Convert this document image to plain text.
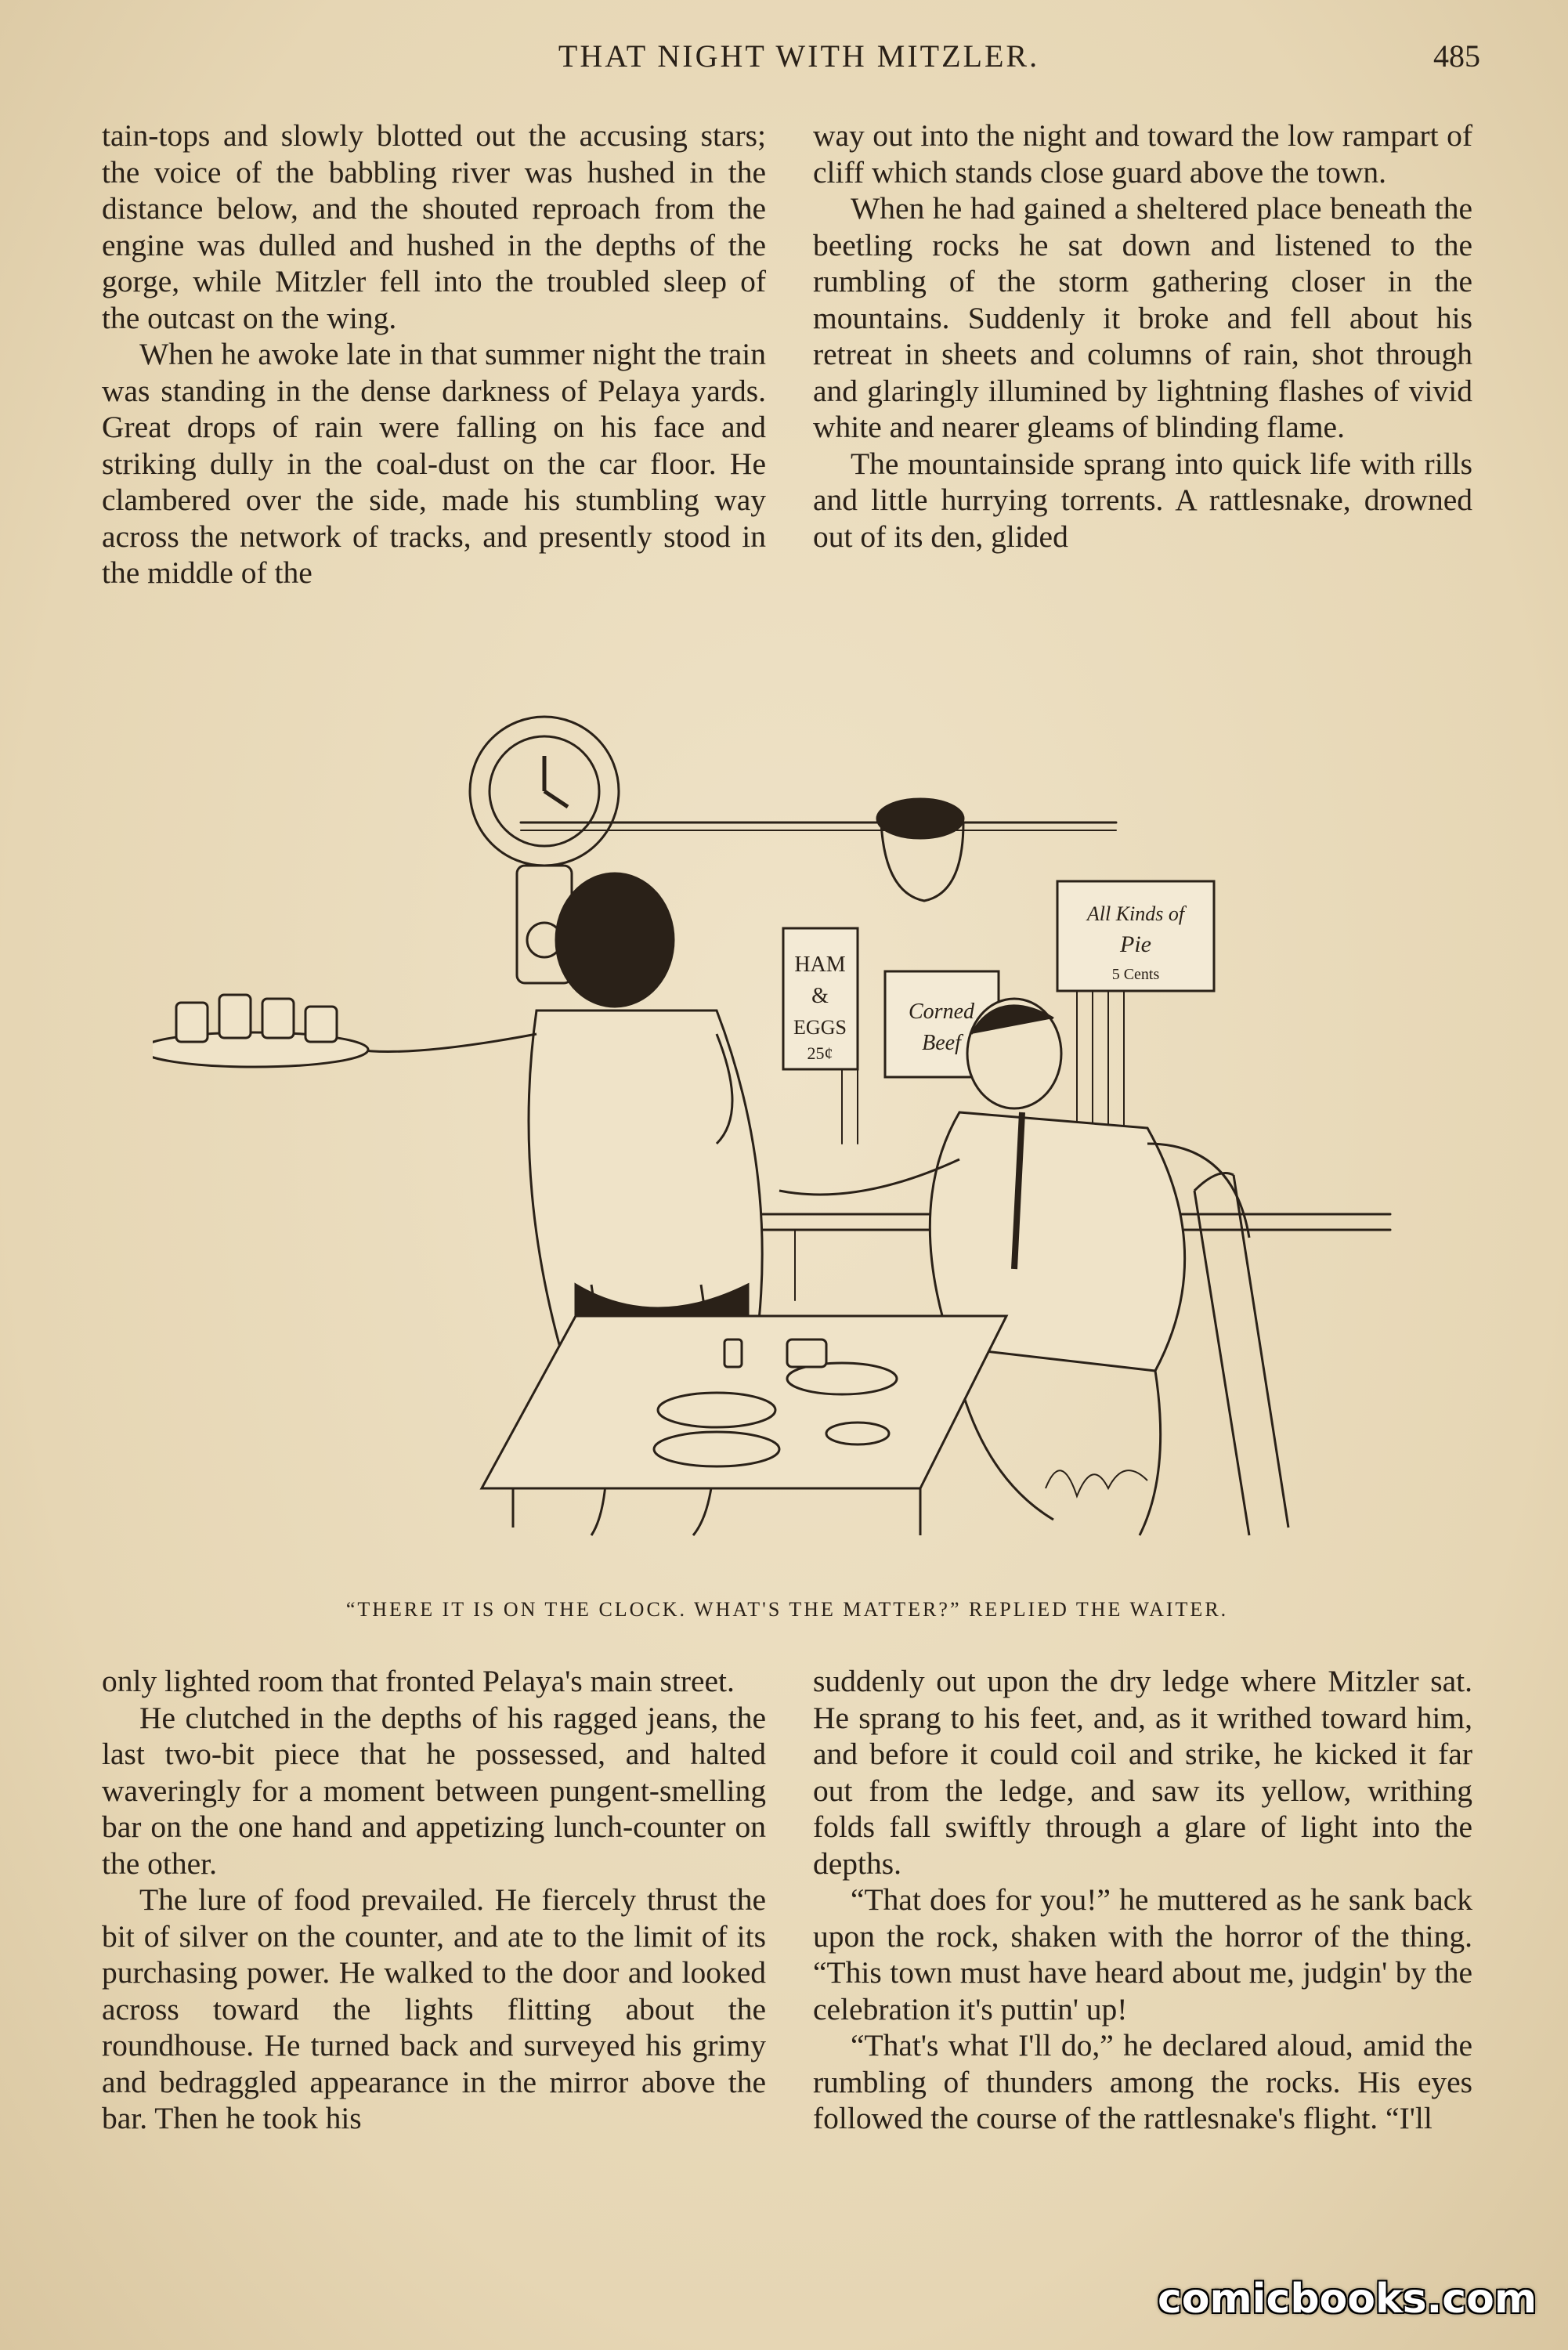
THAT NIGHT WITH MITZLER.	485

tain-tops and slowly blotted out the accusing stars; the voice of the babbling river was hushed in the distance below, and the shouted reproach from the engine was dulled and hushed in the depths of the gorge, while Mitzler fell into the troubled sleep of the outcast on the wing.

When he awoke late in that summer night the train was standing in the dense darkness of Pelaya yards. Great drops of rain were falling on his face and striking dully in the coal-dust on the car floor. He clambered over the side, made his stumbling way across the network of tracks, and presently stood in the middle of the

way out into the night and toward the low rampart of cliff which stands close guard above the town.

When he had gained a sheltered place beneath the beetling rocks he sat down and listened to the rumbling of the storm gathering closer in the mountains. Suddenly it broke and fell about his retreat in sheets and columns of rain, shot through and glaringly illumined by lightning flashes of vivid white and nearer gleams of blinding flame.

The mountainside sprang into quick life with rills and little hurrying torrents. A rattlesnake, drowned out of its den, glided

HAM
&
EGGS
25¢
Corned
Beef
All Kinds of
Pie
5 Cents
“THERE IT IS ON THE CLOCK. WHAT'S THE MATTER?” REPLIED THE WAITER.

only lighted room that fronted Pelaya's main street.

He clutched in the depths of his ragged jeans, the last two-bit piece that he possessed, and halted waveringly for a moment between pungent-smelling bar on the one hand and appetizing lunch-counter on the other.

The lure of food prevailed. He fiercely thrust the bit of silver on the counter, and ate to the limit of its purchasing power. He walked to the door and looked across toward the lights flitting about the roundhouse. He turned back and surveyed his grimy and bedraggled appearance in the mirror above the bar. Then he took his

suddenly out upon the dry ledge where Mitzler sat. He sprang to his feet, and, as it writhed toward him, and before it could coil and strike, he kicked it far out from the ledge, and saw its yellow, writhing folds fall swiftly through a glare of light into the depths.

“That does for you!” he muttered as he sank back upon the rock, shaken with the horror of the thing. “This town must have heard about me, judgin' by the celebration it's puttin' up!

“That's what I'll do,” he declared aloud, amid the rumbling of thunders among the rocks. His eyes followed the course of the rattlesnake's flight. “I'll

comicbooks.com
